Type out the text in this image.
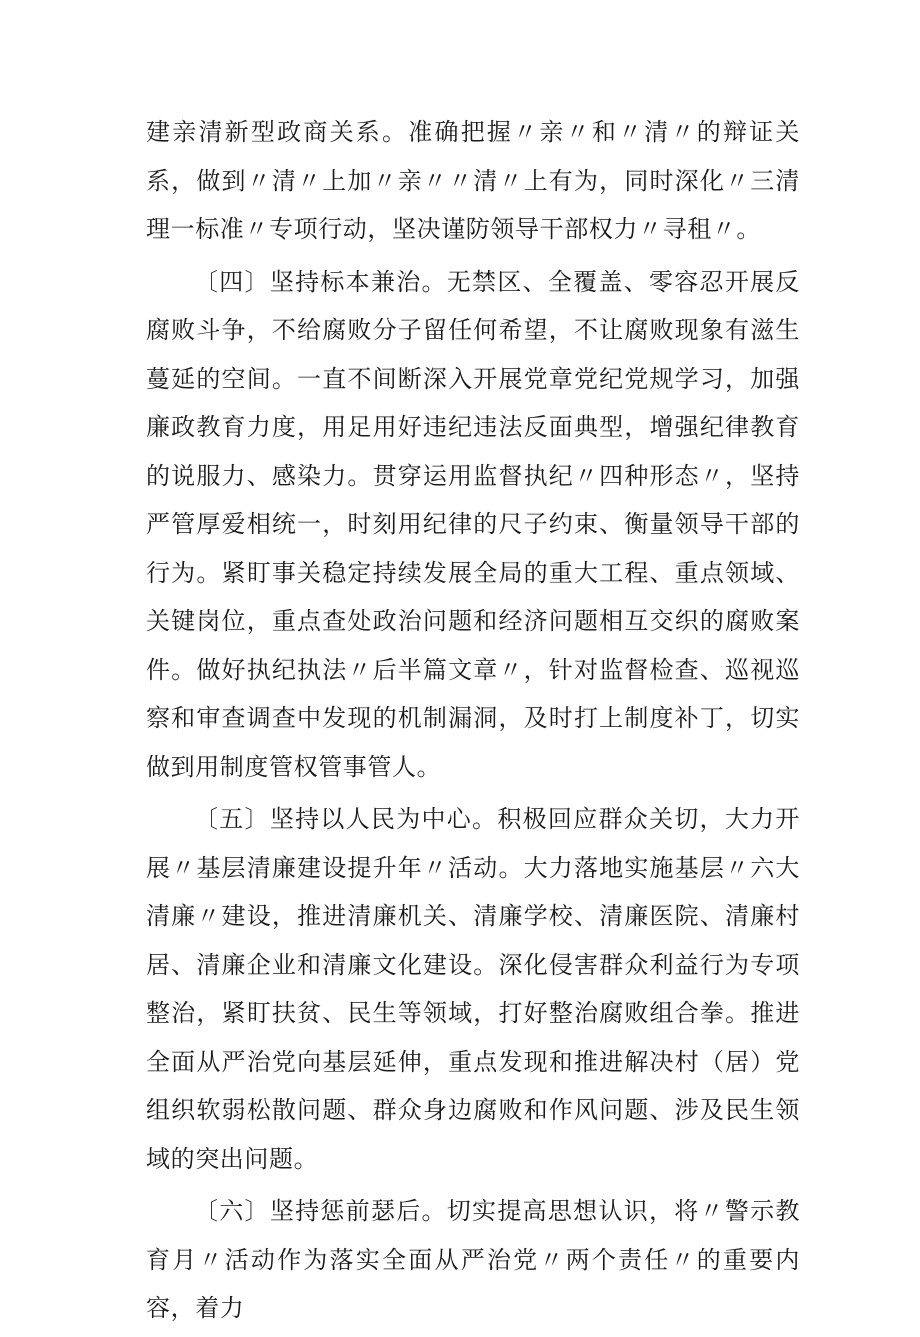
建亲清新型政商关系。准确把握〃亲〃和〃清〃的辩证关系，做到〃清〃上加〃亲〃〃清〃上有为，同时深化〃三清理一标准〃专项行动，坚决谨防领导干部权力〃寻租〃。

〔四〕坚持标本兼治。无禁区、全覆盖、零容忍开展反腐败斗争，不给腐败分子留任何希望，不让腐败现象有滋生蔓延的空间。一直不间断深入开展党章党纪党规学习，加强廉政教育力度，用足用好违纪违法反面典型，增强纪律教育的说服力、感染力。贯穿运用监督执纪〃四种形态〃，坚持严管厚爱相统一，时刻用纪律的尺子约束、衡量领导干部的行为。紧盯事关稳定持续发展全局的重大工程、重点领域、关键岗位，重点查处政治问题和经济问题相互交织的腐败案件。做好执纪执法〃后半篇文章〃，针对监督检查、巡视巡察和审查调查中发现的机制漏洞，及时打上制度补丁，切实做到用制度管权管事管人。

〔五〕坚持以人民为中心。积极回应群众关切，大力开展〃基层清廉建设提升年〃活动。大力落地实施基层〃六大清廉〃建设，推进清廉机关、清廉学校、清廉医院、清廉村居、清廉企业和清廉文化建设。深化侵害群众利益行为专项整治，紧盯扶贫、民生等领域，打好整治腐败组合拳。推进全面从严治党向基层延伸，重点发现和推进解决村（居）党组织软弱松散问题、群众身边腐败和作风问题、涉及民生领域的突出问题。

〔六〕坚持惩前瑟后。切实提高思想认识，将〃警示教育月〃活动作为落实全面从严治党〃两个责任〃的重要内容，着力
